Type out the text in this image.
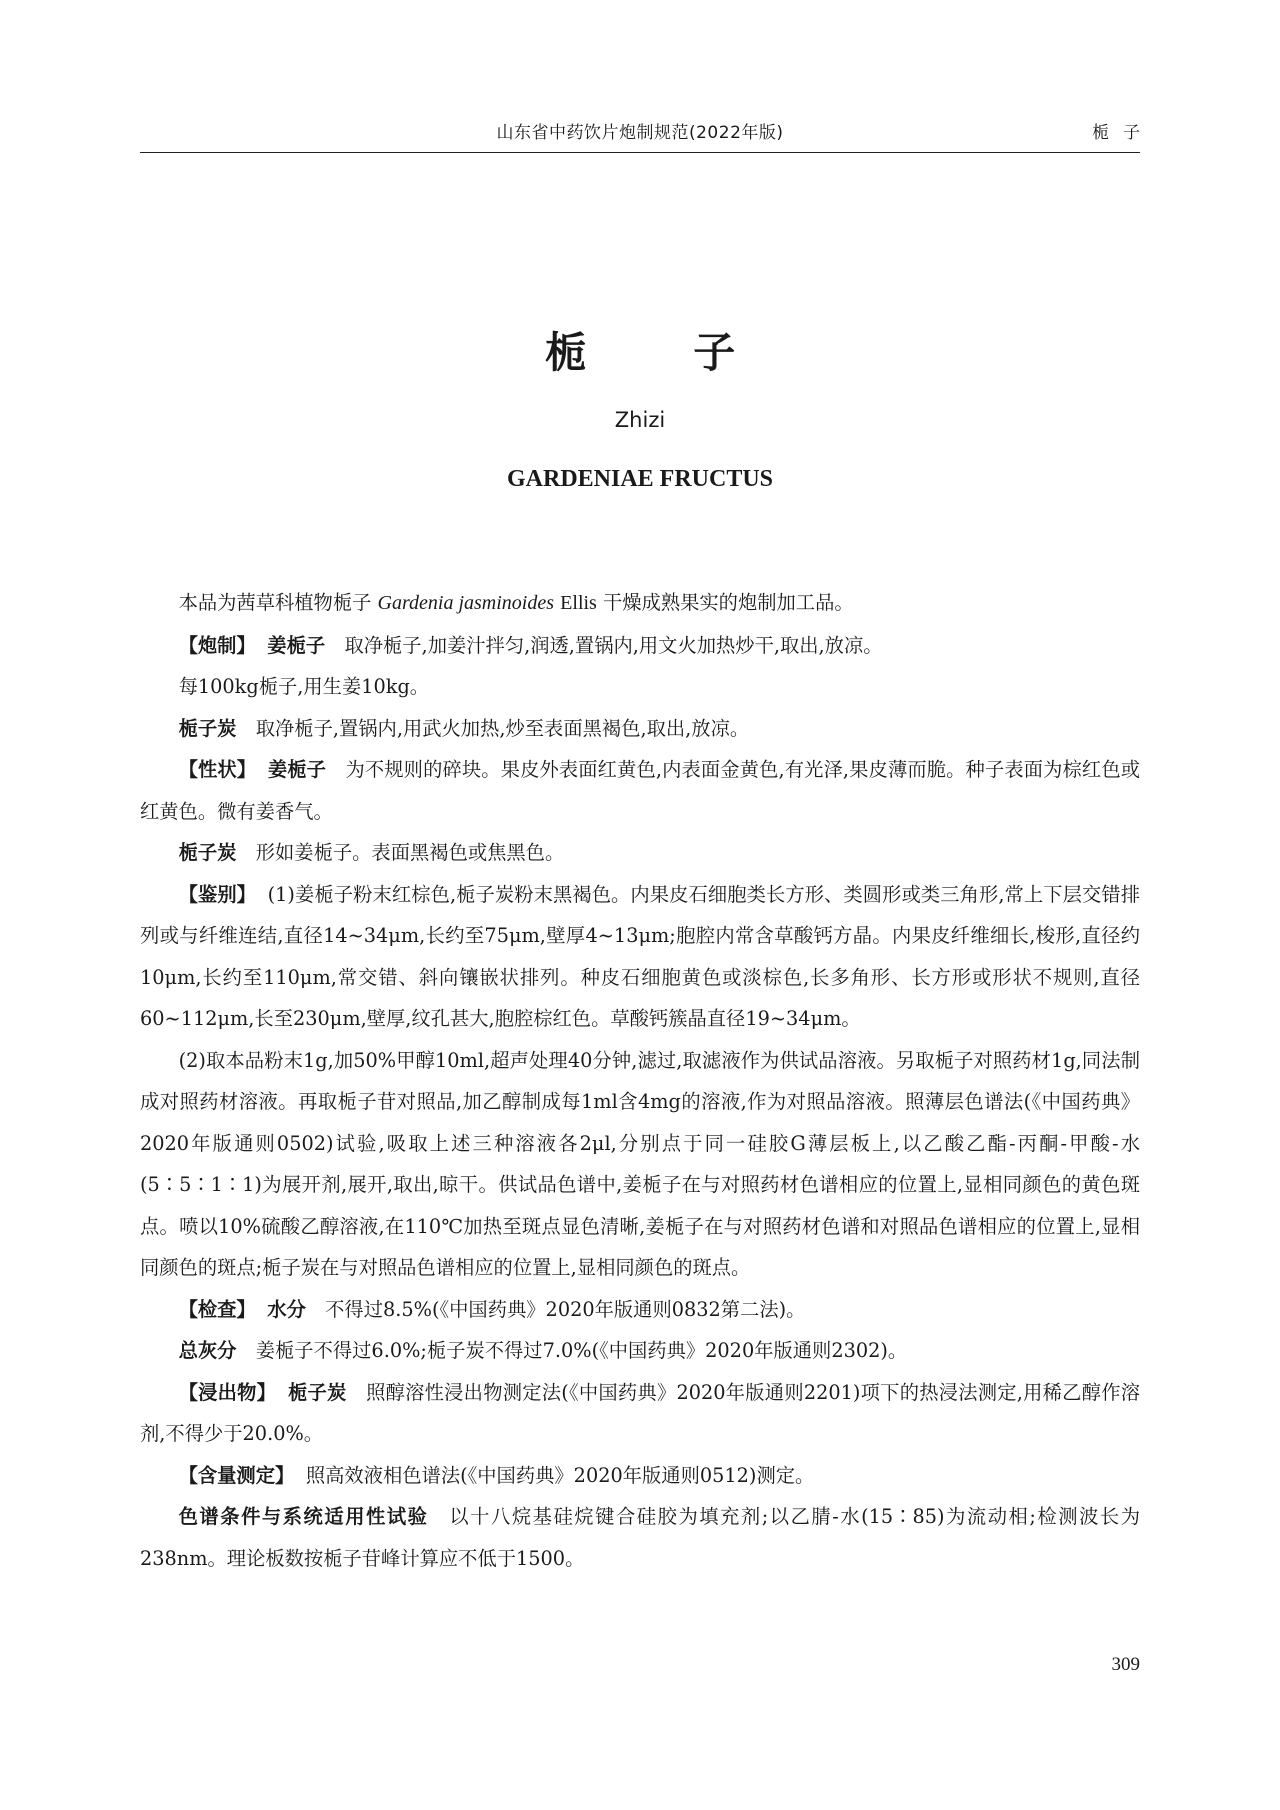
山东省中药饮片炮制规范(2022年版)	栀子
栀 子
Zhizi
GARDENIAE FRUCTUS

本品为茜草科植物栀子 Gardenia jasminoides Ellis 干燥成熟果实的炮制加工品。

【炮制】 姜栀子 取净栀子,加姜汁拌匀,润透,置锅内,用文火加热炒干,取出,放凉。

每100kg栀子,用生姜10kg。

栀子炭 取净栀子,置锅内,用武火加热,炒至表面黑褐色,取出,放凉。

【性状】 姜栀子 为不规则的碎块。果皮外表面红黄色,内表面金黄色,有光泽,果皮薄而脆。种子表面为棕红色或红黄色。微有姜香气。

栀子炭 形如姜栀子。表面黑褐色或焦黑色。

【鉴别】 (1)姜栀子粉末红棕色,栀子炭粉末黑褐色。内果皮石细胞类长方形、类圆形或类三角形,常上下层交错排列或与纤维连结,直径14~34μm,长约至75μm,壁厚4~13μm;胞腔内常含草酸钙方晶。内果皮纤维细长,梭形,直径约10μm,长约至110μm,常交错、斜向镶嵌状排列。种皮石细胞黄色或淡棕色,长多角形、长方形或形状不规则,直径60~112μm,长至230μm,壁厚,纹孔甚大,胞腔棕红色。草酸钙簇晶直径19~34μm。

(2)取本品粉末1g,加50%甲醇10ml,超声处理40分钟,滤过,取滤液作为供试品溶液。另取栀子对照药材1g,同法制成对照药材溶液。再取栀子苷对照品,加乙醇制成每1ml含4mg的溶液,作为对照品溶液。照薄层色谱法(《中国药典》2020年版通则0502)试验,吸取上述三种溶液各2μl,分别点于同一硅胶G薄层板上,以乙酸乙酯-丙酮-甲酸-水(5∶5∶1∶1)为展开剂,展开,取出,晾干。供试品色谱中,姜栀子在与对照药材色谱相应的位置上,显相同颜色的黄色斑点。喷以10%硫酸乙醇溶液,在110℃加热至斑点显色清晰,姜栀子在与对照药材色谱和对照品色谱相应的位置上,显相同颜色的斑点;栀子炭在与对照品色谱相应的位置上,显相同颜色的斑点。

【检查】 水分 不得过8.5%(《中国药典》2020年版通则0832第二法)。

总灰分 姜栀子不得过6.0%;栀子炭不得过7.0%(《中国药典》2020年版通则2302)。

【浸出物】 栀子炭 照醇溶性浸出物测定法(《中国药典》2020年版通则2201)项下的热浸法测定,用稀乙醇作溶剂,不得少于20.0%。

【含量测定】 照高效液相色谱法(《中国药典》2020年版通则0512)测定。

色谱条件与系统适用性试验 以十八烷基硅烷键合硅胶为填充剂;以乙腈-水(15∶85)为流动相;检测波长为238nm。理论板数按栀子苷峰计算应不低于1500。

309
